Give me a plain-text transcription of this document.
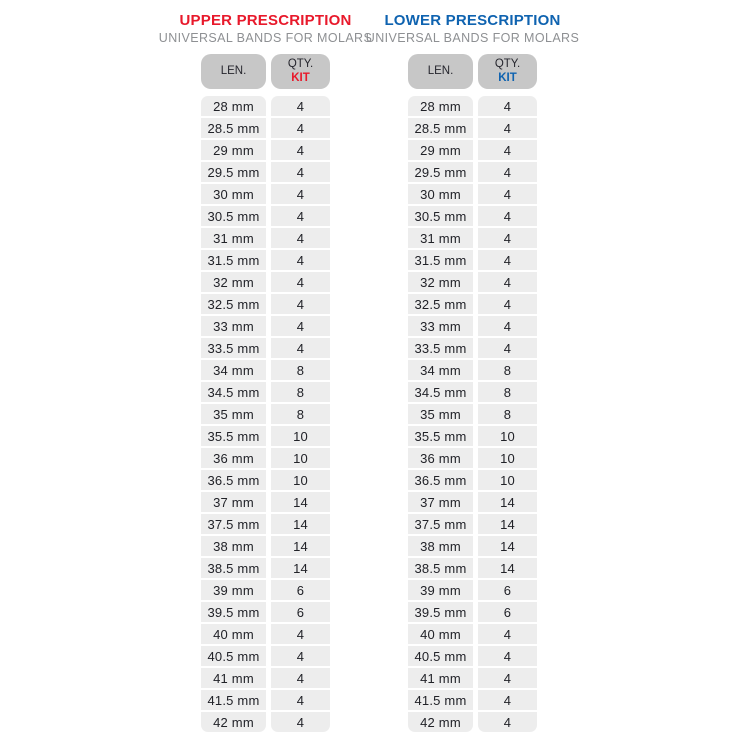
UPPER PRESCRIPTION
UNIVERSAL BANDS FOR MOLARS
LEN.
28 mm
28.5 mm
29 mm
29.5 mm
30 mm
30.5 mm
31 mm
31.5 mm
32 mm
32.5 mm
33 mm
33.5 mm
34 mm
34.5 mm
35 mm
35.5 mm
36 mm
36.5 mm
37 mm
37.5 mm
38 mm
38.5 mm
39 mm
39.5 mm
40 mm
40.5 mm
41 mm
41.5 mm
42 mm
QTY.
KIT
4
4
4
4
4
4
4
4
4
4
4
4
8
8
8
10
10
10
14
14
14
14
6
6
4
4
4
4
4
LOWER PRESCRIPTION
UNIVERSAL BANDS FOR MOLARS
LEN.
28 mm
28.5 mm
29 mm
29.5 mm
30 mm
30.5 mm
31 mm
31.5 mm
32 mm
32.5 mm
33 mm
33.5 mm
34 mm
34.5 mm
35 mm
35.5 mm
36 mm
36.5 mm
37 mm
37.5 mm
38 mm
38.5 mm
39 mm
39.5 mm
40 mm
40.5 mm
41 mm
41.5 mm
42 mm
QTY.
KIT
4
4
4
4
4
4
4
4
4
4
4
4
8
8
8
10
10
10
14
14
14
14
6
6
4
4
4
4
4
